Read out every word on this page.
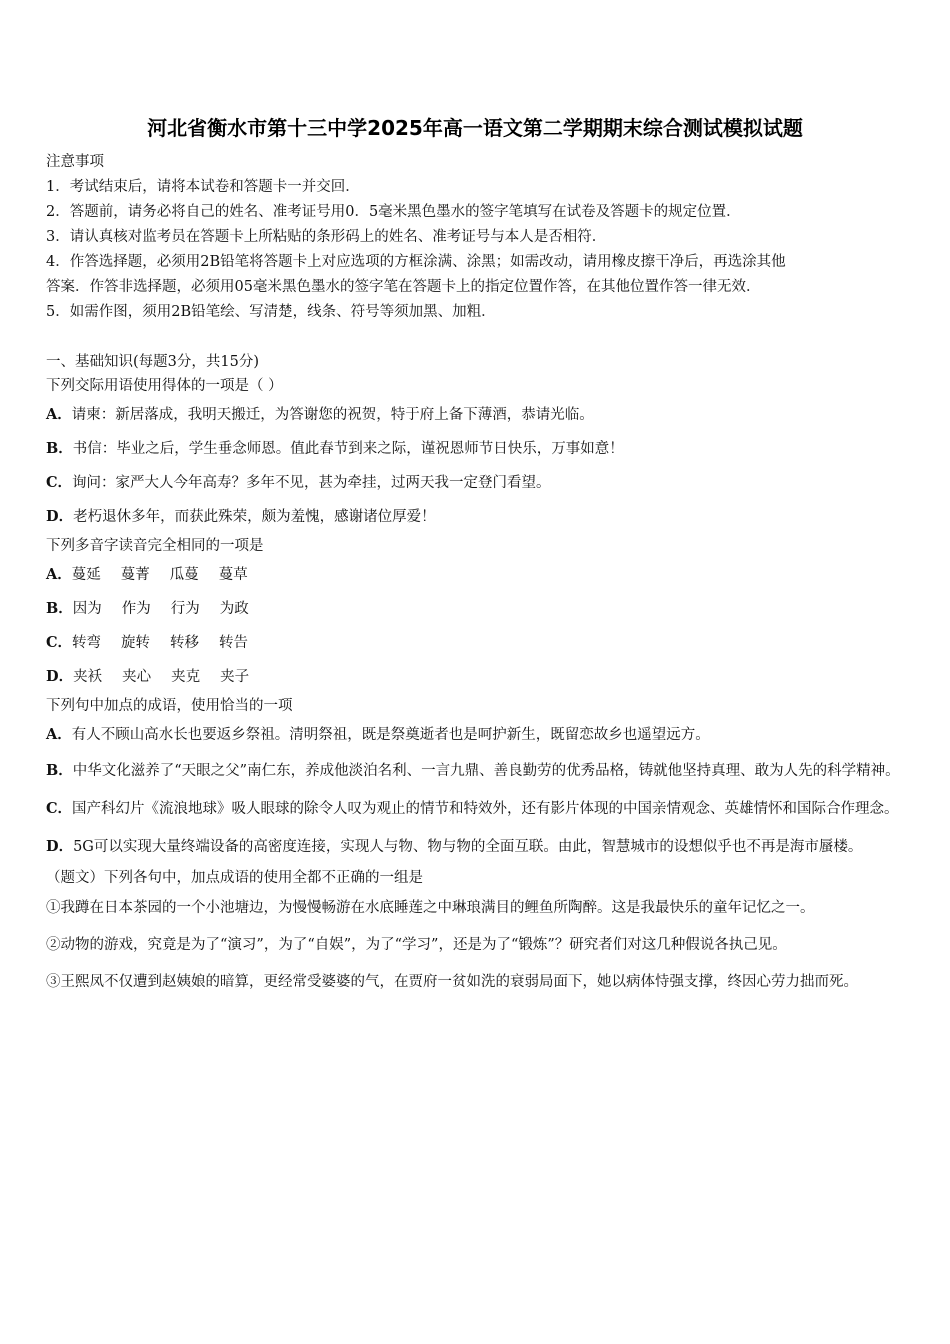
河北省衡水市第十三中学2025年高一语文第二学期期末综合测试模拟试题
注意事项
1．考试结束后，请将本试卷和答题卡一并交回．
2．答题前，请务必将自己的姓名、准考证号用0．5毫米黑色墨水的签字笔填写在试卷及答题卡的规定位置．
3．请认真核对监考员在答题卡上所粘贴的条形码上的姓名、准考证号与本人是否相符．
4．作答选择题，必须用2B铅笔将答题卡上对应选项的方框涂满、涂黑；如需改动，请用橡皮擦干净后，再选涂其他
答案．作答非选择题，必须用05毫米黑色墨水的签字笔在答题卡上的指定位置作答，在其他位置作答一律无效．
5．如需作图，须用2B铅笔绘、写清楚，线条、符号等须加黑、加粗．
一、基础知识(每题3分，共15分)
下列交际用语使用得体的一项是（ ）
A．请柬：新居落成，我明天搬迁，为答谢您的祝贺，特于府上备下薄酒，恭请光临。
B．书信：毕业之后，学生垂念师恩。值此春节到来之际，谨祝恩师节日快乐，万事如意！
C．询问：家严大人今年高寿？多年不见，甚为牵挂，过两天我一定登门看望。
D．老朽退休多年，而获此殊荣，颇为羞愧，感谢诸位厚爱！
下列多音字读音完全相同的一项是
A．蔓延 蔓菁 瓜蔓 蔓草
B．因为 作为 行为 为政
C．转弯 旋转 转移 转告
D．夹袄 夹心 夹克 夹子
下列句中加点的成语，使用恰当的一项
A．有人不顾山高水长也要返乡祭祖。清明祭祖，既是祭奠逝者也是呵护新生，既留恋故乡也遥望远方。
B．中华文化滋养了“天眼之父”南仁东，养成他淡泊名利、一言九鼎、善良勤劳的优秀品格，铸就他坚持真理、敢为人先的科学精神。
C．国产科幻片《流浪地球》吸人眼球的除令人叹为观止的情节和特效外，还有影片体现的中国亲情观念、英雄情怀和国际合作理念。
D．5G可以实现大量终端设备的高密度连接，实现人与物、物与物的全面互联。由此，智慧城市的设想似乎也不再是海市蜃楼。
（题文）下列各句中，加点成语的使用全都不正确的一组是
①我蹲在日本茶园的一个小池塘边，为慢慢畅游在水底睡莲之中琳琅满目的鲤鱼所陶醉。这是我最快乐的童年记忆之一。
②动物的游戏，究竟是为了“演习”，为了“自娱”，为了“学习”，还是为了“锻炼”？研究者们对这几种假说各执己见。
③王熙凤不仅遭到赵姨娘的暗算，更经常受婆婆的气，在贾府一贫如洗的衰弱局面下，她以病体恃强支撑，终因心劳力拙而死。
